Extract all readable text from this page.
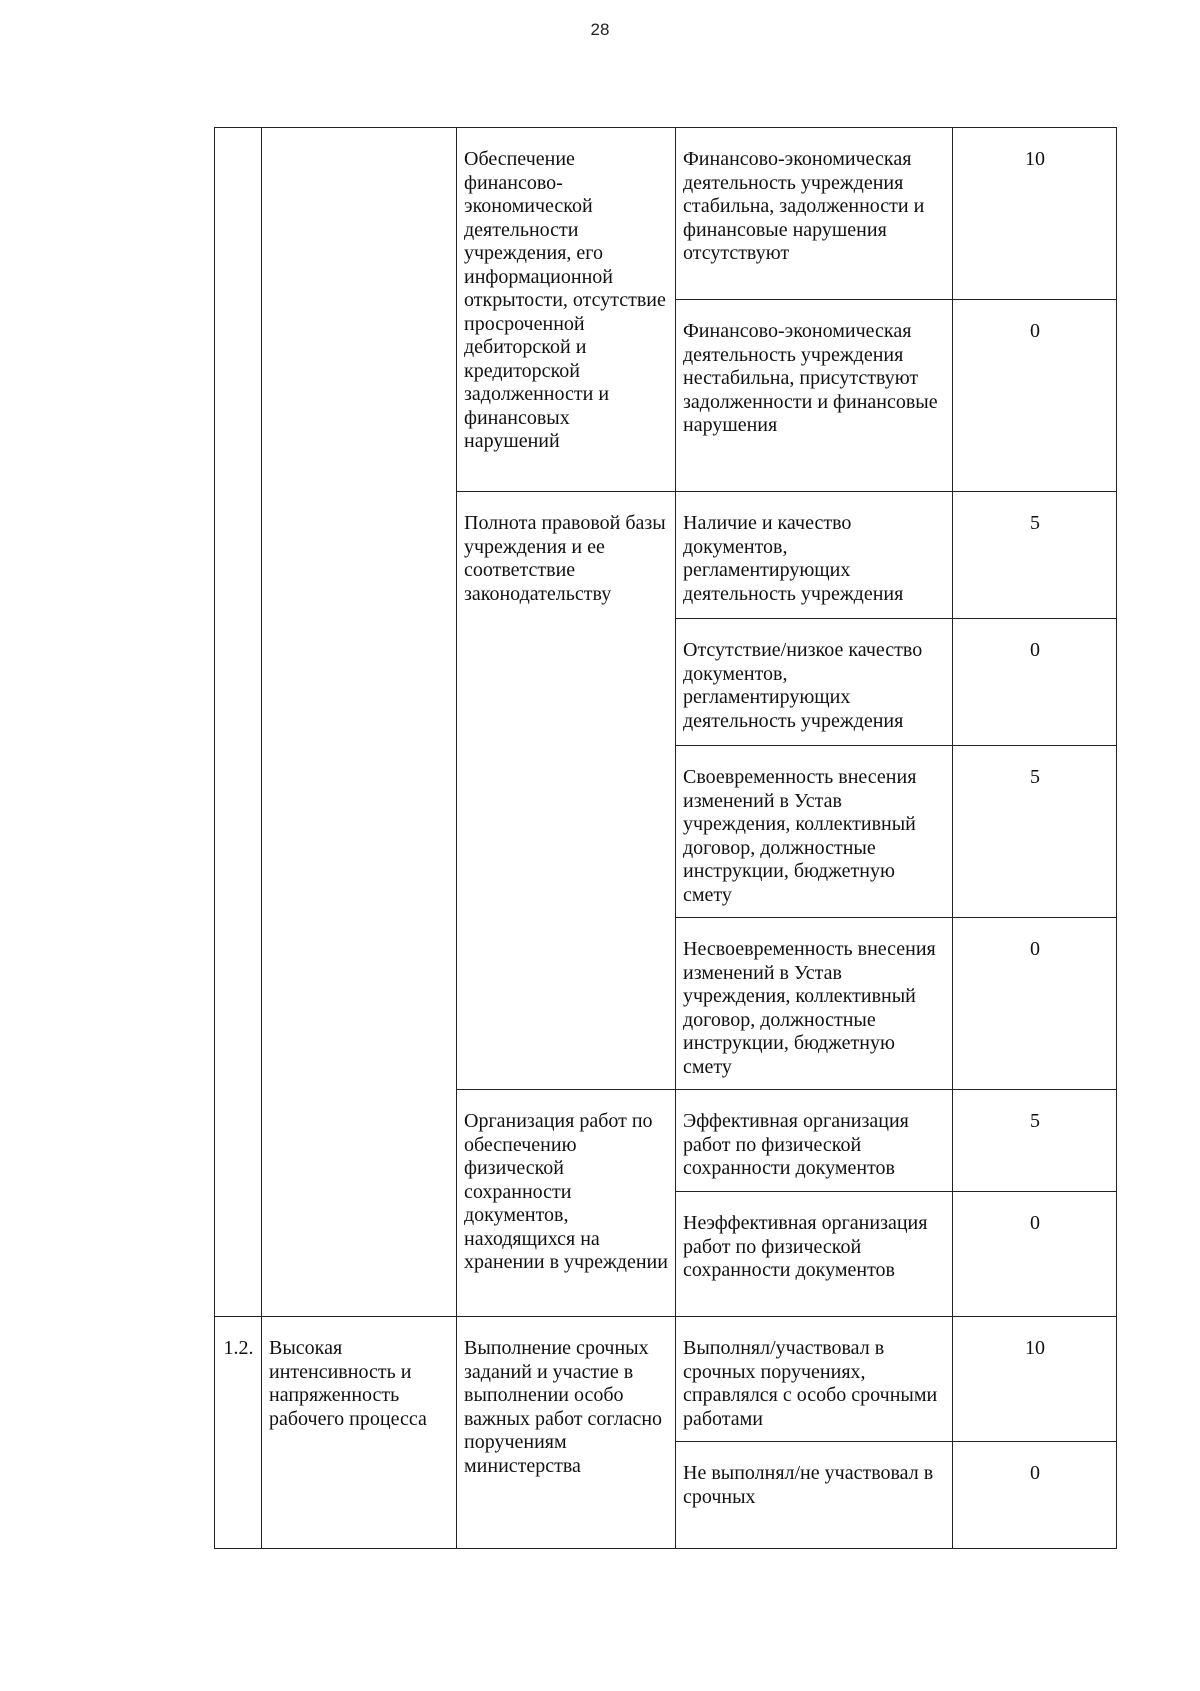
28

		Обеспечение финансово-экономической деятельности учреждения, его информационной открытости, отсутствие просроченной дебиторской и кредиторской задолженности и финансовых нарушений	Финансово-экономическая деятельность учреждения стабильна, задолженности и финансовые нарушения отсутствуют	10

			Финансово-экономическая деятельность учреждения нестабильна, присутствуют задолженности и финансовые нарушения	0

		Полнота правовой базы учреждения и ее соответствие законодательству	Наличие и качество документов, регламентирующих деятельность учреждения	5

			Отсутствие/низкое качество документов, регламентирующих деятельность учреждения	0

			Своевременность внесения изменений в Устав учреждения, коллективный договор, должностные инструкции, бюджетную смету	5

			Несвоевременность внесения изменений в Устав учреждения, коллективный договор, должностные инструкции, бюджетную смету	0

		Организация работ по обеспечению физической сохранности документов, находящихся на хранении в учреждении	Эффективная организация работ по физической сохранности документов	5

			Неэффективная организация работ по физической сохранности документов	0

1.2.	Высокая интенсивность и напряженность рабочего процесса	Выполнение срочных заданий и участие в выполнении особо важных работ согласно поручениям министерства	Выполнял/участвовал в срочных поручениях, справлялся с особо срочными работами	10

			Не выполнял/не участвовал в срочных	0
